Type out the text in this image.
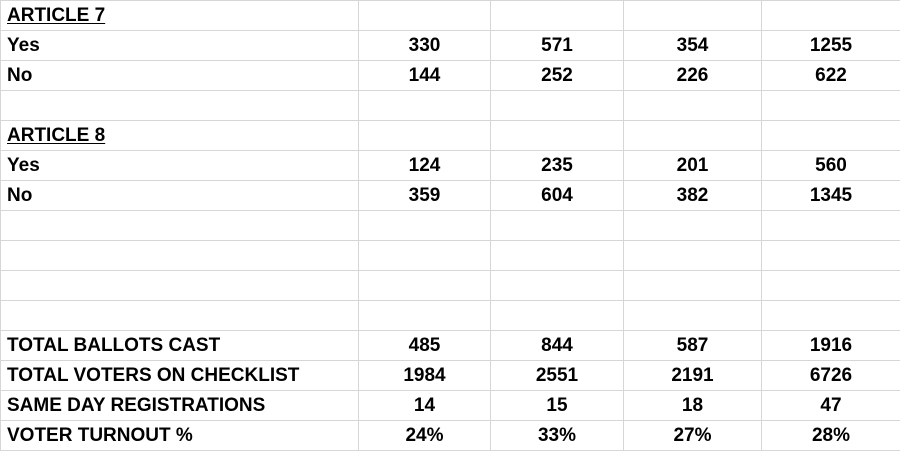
ARTICLE 7				
Yes	330	571	354	1255
No	144	252	226	622

ARTICLE 8				
Yes	124	235	201	560
No	359	604	382	1345

TOTAL BALLOTS CAST	485	844	587	1916
TOTAL VOTERS ON CHECKLIST	1984	2551	2191	6726
SAME DAY REGISTRATIONS	14	15	18	47
VOTER TURNOUT %	24%	33%	27%	28%
